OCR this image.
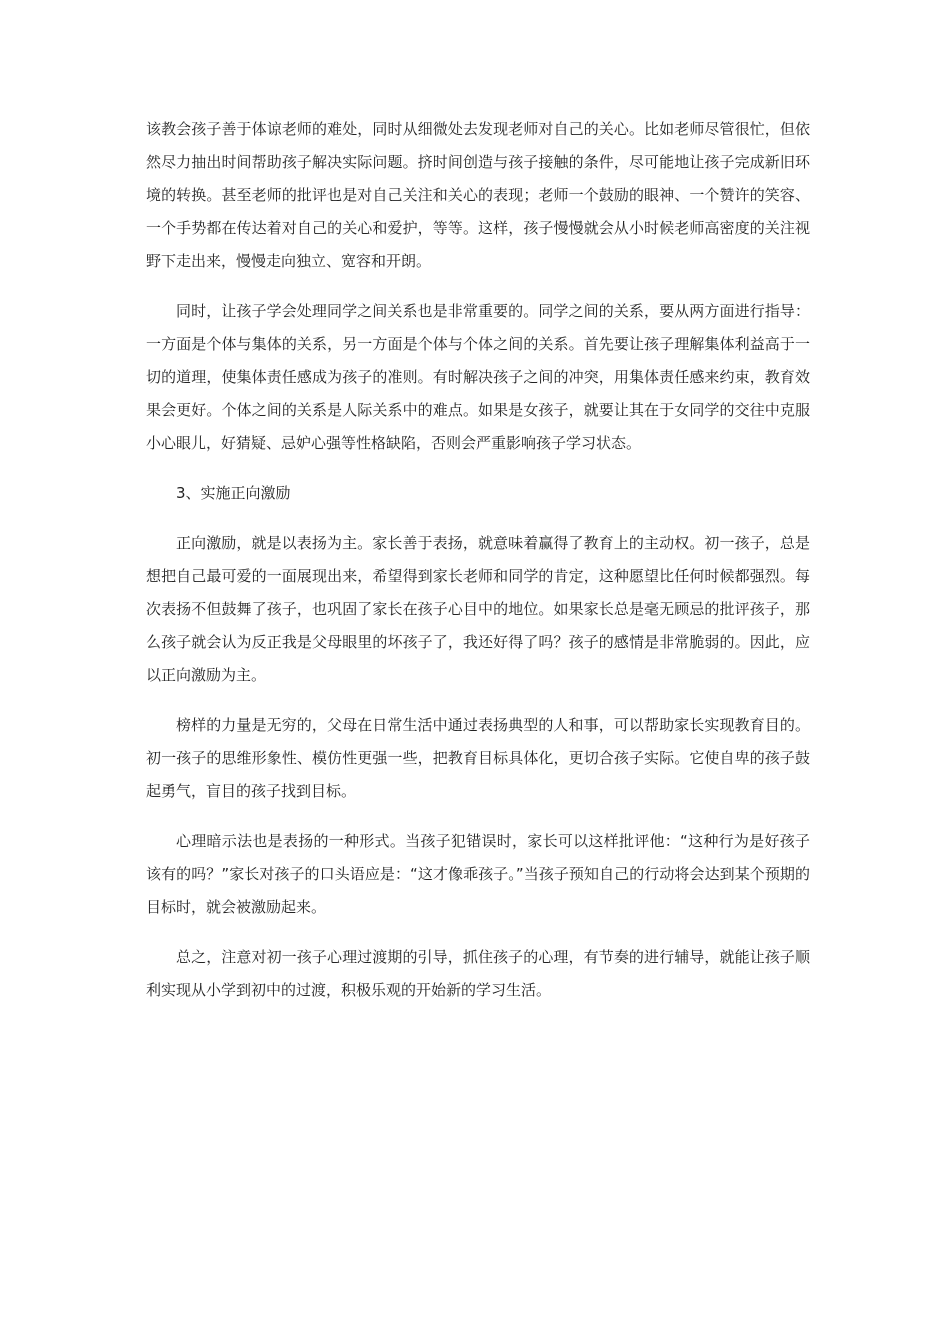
该教会孩子善于体谅老师的难处，同时从细微处去发现老师对自己的关心。比如老师尽管很忙，但依然尽力抽出时间帮助孩子解决实际问题。挤时间创造与孩子接触的条件，尽可能地让孩子完成新旧环境的转换。甚至老师的批评也是对自己关注和关心的表现；老师一个鼓励的眼神、一个赞许的笑容、一个手势都在传达着对自己的关心和爱护，等等。这样，孩子慢慢就会从小时候老师高密度的关注视野下走出来，慢慢走向独立、宽容和开朗。

同时，让孩子学会处理同学之间关系也是非常重要的。同学之间的关系，要从两方面进行指导：一方面是个体与集体的关系，另一方面是个体与个体之间的关系。首先要让孩子理解集体利益高于一切的道理，使集体责任感成为孩子的准则。有时解决孩子之间的冲突，用集体责任感来约束，教育效果会更好。个体之间的关系是人际关系中的难点。如果是女孩子，就要让其在于女同学的交往中克服小心眼儿，好猜疑、忌妒心强等性格缺陷，否则会严重影响孩子学习状态。

3、实施正向激励

正向激励，就是以表扬为主。家长善于表扬，就意味着赢得了教育上的主动权。初一孩子，总是想把自己最可爱的一面展现出来，希望得到家长老师和同学的肯定，这种愿望比任何时候都强烈。每次表扬不但鼓舞了孩子，也巩固了家长在孩子心目中的地位。如果家长总是毫无顾忌的批评孩子，那么孩子就会认为反正我是父母眼里的坏孩子了，我还好得了吗？孩子的感情是非常脆弱的。因此，应以正向激励为主。

榜样的力量是无穷的，父母在日常生活中通过表扬典型的人和事，可以帮助家长实现教育目的。初一孩子的思维形象性、模仿性更强一些，把教育目标具体化，更切合孩子实际。它使自卑的孩子鼓起勇气，盲目的孩子找到目标。

心理暗示法也是表扬的一种形式。当孩子犯错误时，家长可以这样批评他：“这种行为是好孩子该有的吗？”家长对孩子的口头语应是：“这才像乖孩子。”当孩子预知自己的行动将会达到某个预期的目标时，就会被激励起来。

总之，注意对初一孩子心理过渡期的引导，抓住孩子的心理，有节奏的进行辅导，就能让孩子顺利实现从小学到初中的过渡，积极乐观的开始新的学习生活。
